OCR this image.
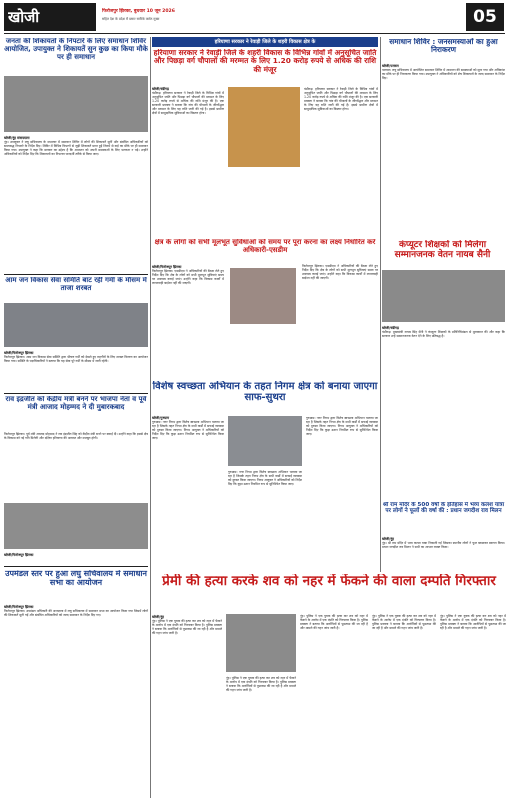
खोजी	फिरोजपुर झिरका, बुधवार 10 जून 2026
सहित देश के प्रदेश में प्रसार सारिके कर्मठ मुख्य	05
जनता की शिकायतों के निपटारे के लिए समाधान शिविर आयोजित, उपायुक्त ने शिकायतें सुन कुछ का किया मौके पर ही समाधान
खोजी/नूंह संवाददाता
नूंह। उपायुक्त ने लघु सचिवालय के सभागार में समाधान शिविर में लोगों की शिकायतें सुनीं और संबंधित अधिकारियों को समयबद्ध निपटारे के निर्देश दिए। शिविर में विभिन्न विभागों से जुड़ी शिकायतें प्राप्त हुईं जिनमें से कई का मौके पर ही समाधान किया गया। उपायुक्त ने कहा कि सरकार का उद्देश्य है कि आमजन को अपनी समस्याओं के लिए भटकना न पड़े। उन्होंने अधिकारियों को निर्देश दिए कि शिकायतों का निपटारा पारदर्शी तरीके से किया जाए।
आम जन विकास सेवा समिति बांट रही गर्मी के मौसम में ताजा शरबत
खोजी/फिरोजपुर झिरका
फिरोजपुर झिरका। आम जन विकास सेवा समिति द्वारा भीषण गर्मी को देखते हुए राहगीरों के लिए शरबत वितरण का आयोजन किया गया। समिति के पदाधिकारियों ने बताया कि यह सेवा पूरे गर्मी के मौसम में जारी रहेगी।
राव इंद्रजीत को केंद्रीय मंत्री बनने पर भाजपा नेता व पूर्व मंत्री आजाद मोहम्मद ने दी मुबारकबाद
फिरोजपुर झिरका। पूर्व मंत्री आजाद मोहम्मद ने राव इंद्रजीत सिंह को केंद्रीय मंत्री बनने पर बधाई दी। उन्होंने कहा कि इससे क्षेत्र के विकास को नई गति मिलेगी और दक्षिण हरियाणा की आवाज और मजबूत होगी।
खोजी/फिरोजपुर झिरका
उपमंडल स्तर पर हुआ लघु सचिवालय में समाधान सभा का आयोजन
खोजी/फिरोजपुर झिरका
फिरोजपुर झिरका। उपमंडल अधिकारी की अध्यक्षता में लघु सचिवालय में समाधान सभा का आयोजन किया गया जिसमें लोगों की शिकायतें सुनी गईं और संबंधित अधिकारियों को जल्द समाधान के निर्देश दिए गए।
हरियाणा सरकार ने रेवाड़ी जिले के शहरी विकास क्षेत्र के
हरियाणा सरकार ने रेवाड़ी जिले के शहरी विकास के विभिन्न गांवों में अनुसूचित जाति और पिछड़ा वर्ग चौपालों की मरम्मत के लिए 1.20 करोड़ रुपये से अधिक की राशि की मंजूर
खोजी/चंडीगढ़
चंडीगढ़। हरियाणा सरकार ने रेवाड़ी जिले के विभिन्न गांवों में अनुसूचित जाति और पिछड़ा वर्ग चौपालों की मरम्मत के लिए 1.20 करोड़ रुपये से अधिक की राशि मंजूर की है। एक सरकारी प्रवक्ता ने बताया कि गांव की चौपालों के जीर्णोद्धार और मरम्मत के लिए यह राशि जारी की गई है। इससे ग्रामीण क्षेत्रों में सामुदायिक सुविधाओं का विस्तार होगा।
चंडीगढ़। हरियाणा सरकार ने रेवाड़ी जिले के विभिन्न गांवों में अनुसूचित जाति और पिछड़ा वर्ग चौपालों की मरम्मत के लिए 1.20 करोड़ रुपये से अधिक की राशि मंजूर की है। एक सरकारी प्रवक्ता ने बताया कि गांव की चौपालों के जीर्णोद्धार और मरम्मत के लिए यह राशि जारी की गई है। इससे ग्रामीण क्षेत्रों में सामुदायिक सुविधाओं का विस्तार होगा।
क्षेत्र के लोगों को सभी मूलभूत सुविधाओं को समय पर पूरा करना का लक्ष्य निर्धारित करें अधिकारी-एसडीम
खोजी/फिरोजपुर झिरका
फिरोजपुर झिरका। एसडीएम ने अधिकारियों की बैठक लेते हुए निर्देश दिए कि क्षेत्र के लोगों को सभी मूलभूत सुविधाएं समय पर उपलब्ध कराई जाएं। उन्होंने कहा कि विकास कार्यों में लापरवाही बर्दाश्त नहीं की जाएगी।
फिरोजपुर झिरका। एसडीएम ने अधिकारियों की बैठक लेते हुए निर्देश दिए कि क्षेत्र के लोगों को सभी मूलभूत सुविधाएं समय पर उपलब्ध कराई जाएं। उन्होंने कहा कि विकास कार्यों में लापरवाही बर्दाश्त नहीं की जाएगी।
विशेष स्वच्छता अभियान के तहत निगम क्षेत्र को बनाया जाएगा साफ-सुथरा
खोजी/गुरुग्राम
गुरुग्राम। नगर निगम द्वारा विशेष स्वच्छता अभियान चलाया जा रहा है जिसके तहत निगम क्षेत्र के सभी वार्डों में सफाई व्यवस्था को दुरुस्त किया जाएगा। निगम आयुक्त ने अधिकारियों को निर्देश दिए कि कूड़ा उठान नियमित रूप से सुनिश्चित किया जाए।
गुरुग्राम। नगर निगम द्वारा विशेष स्वच्छता अभियान चलाया जा रहा है जिसके तहत निगम क्षेत्र के सभी वार्डों में सफाई व्यवस्था को दुरुस्त किया जाएगा। निगम आयुक्त ने अधिकारियों को निर्देश दिए कि कूड़ा उठान नियमित रूप से सुनिश्चित किया जाए।
गुरुग्राम। नगर निगम द्वारा विशेष स्वच्छता अभियान चलाया जा रहा है जिसके तहत निगम क्षेत्र के सभी वार्डों में सफाई व्यवस्था को दुरुस्त किया जाएगा। निगम आयुक्त ने अधिकारियों को निर्देश दिए कि कूड़ा उठान नियमित रूप से सुनिश्चित किया जाए।
समाधान शिविर : जनसमस्याओं का हुआ निराकरण
खोजी/पलवल
पलवल। लघु सचिवालय में आयोजित समाधान शिविर में आमजन की समस्याओं को सुना गया और अधिकांश का मौके पर ही निराकरण किया गया। उपायुक्त ने अधिकारियों को शेष शिकायतों के जल्द समाधान के निर्देश दिए।
कंप्यूटर शिक्षकों को मिलेगा सम्मानजनक वेतन नायब सैनी
खोजी/चंडीगढ़
चंडीगढ़। मुख्यमंत्री नायब सिंह सैनी ने कंप्यूटर शिक्षकों के प्रतिनिधिमंडल से मुलाकात की और कहा कि सरकार उन्हें सम्मानजनक वेतन देने के लिए प्रतिबद्ध है।
श्री राम मंदिर के 500 वर्षों के इतिहास में भव्य कलश यात्रा पर लोगों ने फूलों की वर्षा की : प्रधान जगदीश राव मिलन
खोजी/नूंह
नूंह। श्री राम मंदिर में भव्य कलश यात्रा निकाली गई जिसका स्थानीय लोगों ने फूल बरसाकर स्वागत किया। प्रधान जगदीश राव मिलन ने सभी का आभार व्यक्त किया।
प्रेमी की हत्या करके शव को नहर में फेंकने की वाला दम्पति गिरफ्तार
खोजी/नूंह
नूंह। पुलिस ने एक युवक की हत्या कर शव को नहर में फेंकने के आरोप में एक दंपति को गिरफ्तार किया है। पुलिस प्रवक्ता ने बताया कि आरोपियों से पूछताछ की जा रही है और मामले की गहन जांच जारी है।
नूंह। पुलिस ने एक युवक की हत्या कर शव को नहर में फेंकने के आरोप में एक दंपति को गिरफ्तार किया है। पुलिस प्रवक्ता ने बताया कि आरोपियों से पूछताछ की जा रही है और मामले की गहन जांच जारी है।
नूंह। पुलिस ने एक युवक की हत्या कर शव को नहर में फेंकने के आरोप में एक दंपति को गिरफ्तार किया है। पुलिस प्रवक्ता ने बताया कि आरोपियों से पूछताछ की जा रही है और मामले की गहन जांच जारी है।
नूंह। पुलिस ने एक युवक की हत्या कर शव को नहर में फेंकने के आरोप में एक दंपति को गिरफ्तार किया है। पुलिस प्रवक्ता ने बताया कि आरोपियों से पूछताछ की जा रही है और मामले की गहन जांच जारी है।
नूंह। पुलिस ने एक युवक की हत्या कर शव को नहर में फेंकने के आरोप में एक दंपति को गिरफ्तार किया है। पुलिस प्रवक्ता ने बताया कि आरोपियों से पूछताछ की जा रही है और मामले की गहन जांच जारी है।
